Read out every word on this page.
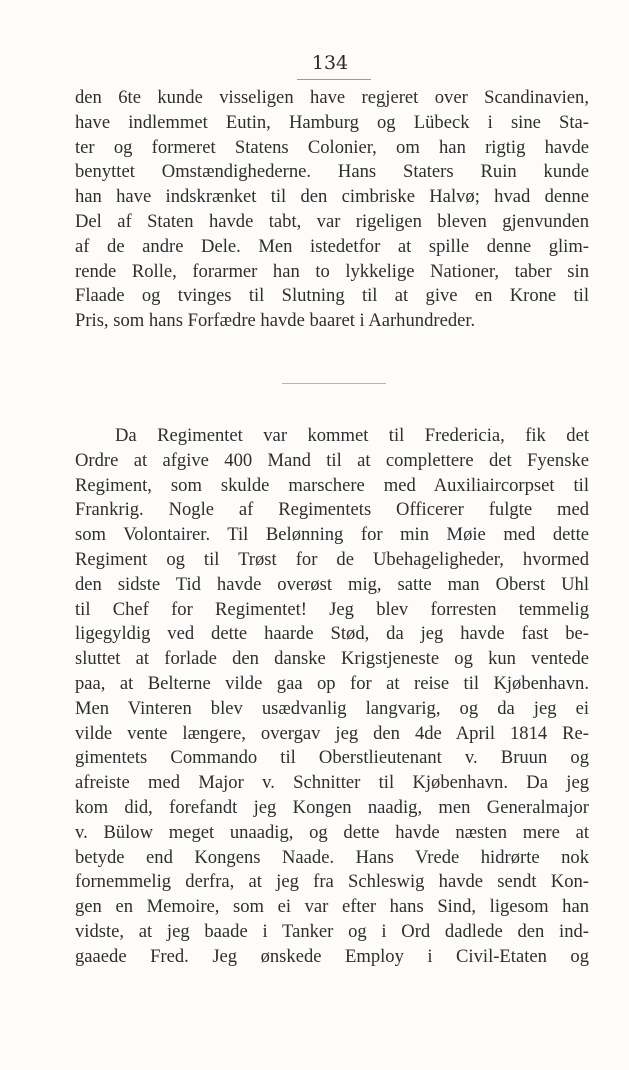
134
den 6te kunde visseligen have regjeret over Scandinavien,
have indlemmet Eutin, Hamburg og Lübeck i sine Sta-
ter og formeret Statens Colonier, om han rigtig havde
benyttet Omstændighederne. Hans Staters Ruin kunde
han have indskrænket til den cimbriske Halvø; hvad denne
Del af Staten havde tabt, var rigeligen bleven gjenvunden
af de andre Dele. Men istedetfor at spille denne glim-
rende Rolle, forarmer han to lykkelige Nationer, taber sin
Flaade og tvinges til Slutning til at give en Krone til
Pris, som hans Forfædre havde baaret i Aarhundreder.
Da Regimentet var kommet til Fredericia, fik det
Ordre at afgive 400 Mand til at complettere det Fyenske
Regiment, som skulde marschere med Auxiliaircorpset til
Frankrig. Nogle af Regimentets Officerer fulgte med
som Volontairer. Til Belønning for min Møie med dette
Regiment og til Trøst for de Ubehageligheder, hvormed
den sidste Tid havde overøst mig, satte man Oberst Uhl
til Chef for Regimentet! Jeg blev forresten temmelig
ligegyldig ved dette haarde Stød, da jeg havde fast be-
sluttet at forlade den danske Krigstjeneste og kun ventede
paa, at Belterne vilde gaa op for at reise til Kjøbenhavn.
Men Vinteren blev usædvanlig langvarig, og da jeg ei
vilde vente længere, overgav jeg den 4de April 1814 Re-
gimentets Commando til Oberstlieutenant v. Bruun og
afreiste med Major v. Schnitter til Kjøbenhavn. Da jeg
kom did, forefandt jeg Kongen naadig, men Generalmajor
v. Bülow meget unaadig, og dette havde næsten mere at
betyde end Kongens Naade. Hans Vrede hidrørte nok
fornemmelig derfra, at jeg fra Schleswig havde sendt Kon-
gen en Memoire, som ei var efter hans Sind, ligesom han
vidste, at jeg baade i Tanker og i Ord dadlede den ind-
gaaede Fred. Jeg ønskede Employ i Civil-Etaten og
